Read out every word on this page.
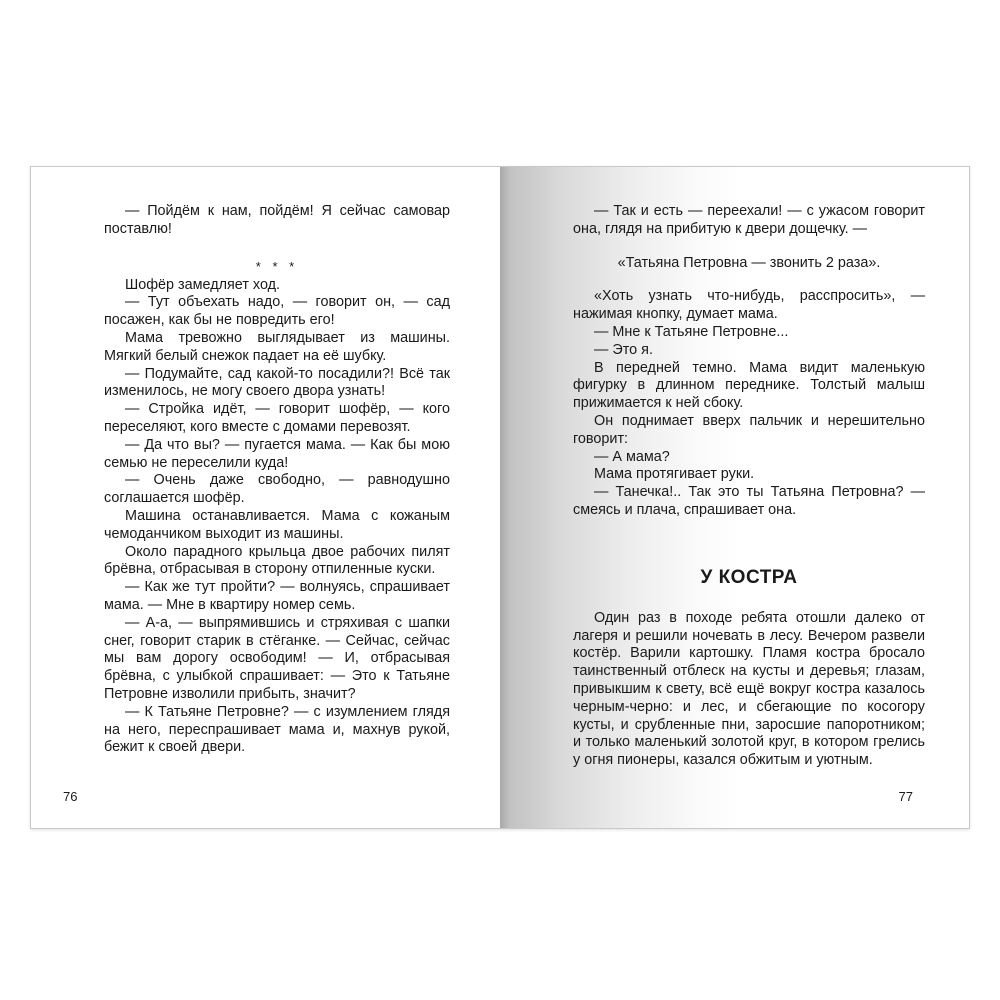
— Пойдём к нам, пойдём! Я сейчас самовар поставлю!

* * *

Шофёр замедляет ход.

— Тут объехать надо, — говорит он, — сад посажен, как бы не повредить его!

Мама тревожно выглядывает из машины. Мягкий белый снежок падает на её шубку.

— Подумайте, сад какой-то посадили?! Всё так изменилось, не могу своего двора узнать!

— Стройка идёт, — говорит шофёр, — кого переселяют, кого вместе с домами перевозят.

— Да что вы? — пугается мама. — Как бы мою семью не переселили куда!

— Очень даже свободно, — равнодушно соглашается шофёр.

Машина останавливается. Мама с кожаным чемоданчиком выходит из машины.

Около парадного крыльца двое рабочих пилят брёвна, отбрасывая в сторону отпиленные куски.

— Как же тут пройти? — волнуясь, спрашивает мама. — Мне в квартиру номер семь.

— А-а, — выпрямившись и стряхивая с шапки снег, говорит старик в стёганке. — Сейчас, сейчас мы вам дорогу освободим! — И, отбрасывая брёвна, с улыбкой спрашивает: — Это к Татьяне Петровне изволили прибыть, значит?

— К Татьяне Петровне? — с изумлением глядя на него, переспрашивает мама и, махнув рукой, бежит к своей двери.

76

— Так и есть — переехали! — с ужасом говорит она, глядя на прибитую к двери дощечку. —

«Татьяна Петровна — звонить 2 раза».

«Хоть узнать что-нибудь, расспросить», — нажимая кнопку, думает мама.

— Мне к Татьяне Петровне...

— Это я.

В передней темно. Мама видит маленькую фигурку в длинном переднике. Толстый малыш прижимается к ней сбоку.

Он поднимает вверх пальчик и нерешительно говорит:

— А мама?

Мама протягивает руки.

— Танечка!.. Так это ты Татьяна Петровна? — смеясь и плача, спрашивает она.

У КОСТРА

Один раз в походе ребята отошли далеко от лагеря и решили ночевать в лесу. Вечером развели костёр. Варили картошку. Пламя костра бросало таинственный отблеск на кусты и деревья; глазам, привыкшим к свету, всё ещё вокруг костра казалось черным-черно: и лес, и сбегающие по косогору кусты, и срубленные пни, заросшие папоротником; и только маленький золотой круг, в котором грелись у огня пионеры, казался обжитым и уютным.

77
